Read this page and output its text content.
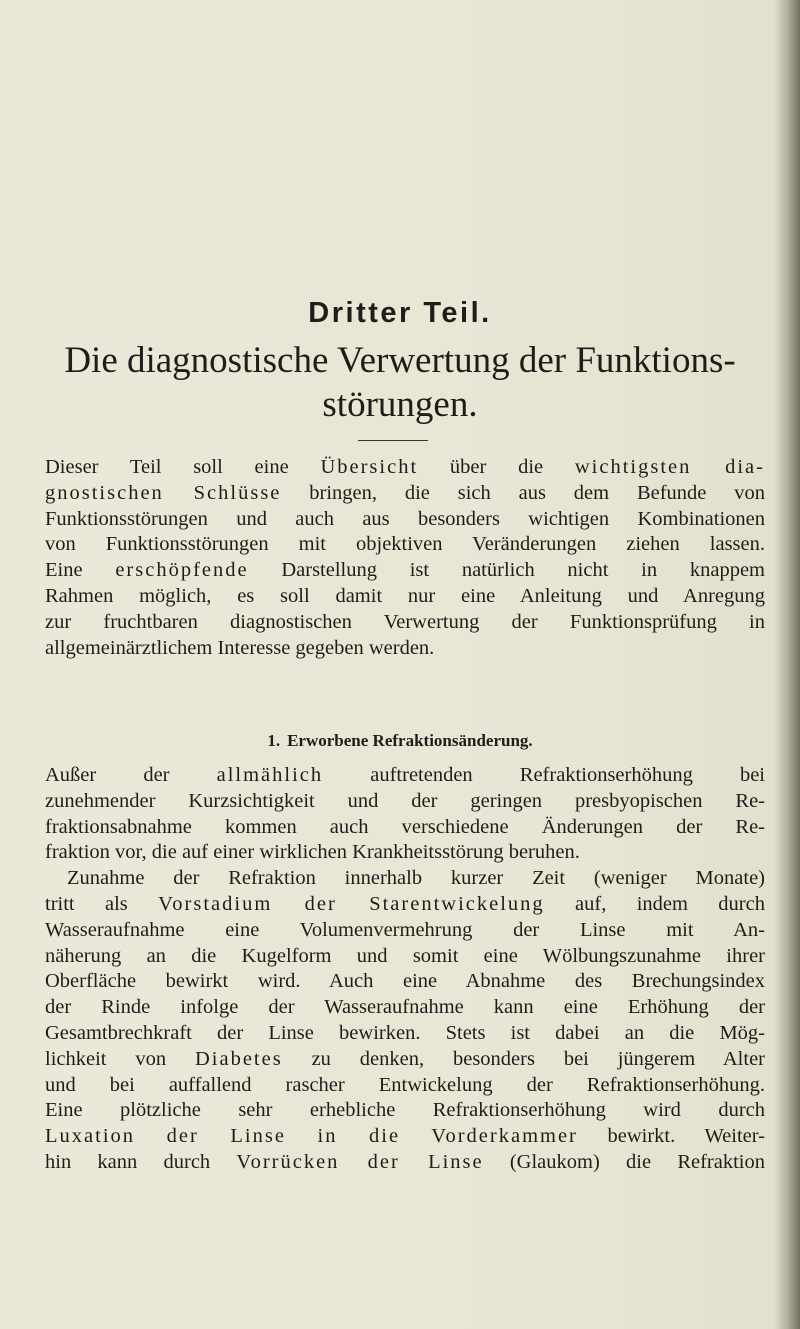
Dritter Teil.
Die diagnostische Verwertung der Funktions-
störungen.
Dieser Teil soll eine Übersicht über die wichtigsten dia-
gnostischen Schlüsse bringen, die sich aus dem Befunde von
Funktionsstörungen und auch aus besonders wichtigen Kombinationen
von Funktionsstörungen mit objektiven Veränderungen ziehen lassen.
Eine erschöpfende Darstellung ist natürlich nicht in knappem
Rahmen möglich, es soll damit nur eine Anleitung und Anregung
zur fruchtbaren diagnostischen Verwertung der Funktionsprüfung in
allgemeinärztlichem Interesse gegeben werden.
1. Erworbene Refraktionsänderung.
Außer der allmählich auftretenden Refraktionserhöhung bei
zunehmender Kurzsichtigkeit und der geringen presbyopischen Re-
fraktionsabnahme kommen auch verschiedene Änderungen der Re-
fraktion vor, die auf einer wirklichen Krankheitsstörung beruhen.
Zunahme der Refraktion innerhalb kurzer Zeit (weniger Monate)
tritt als Vorstadium der Starentwickelung auf, indem durch
Wasseraufnahme eine Volumenvermehrung der Linse mit An-
näherung an die Kugelform und somit eine Wölbungszunahme ihrer
Oberfläche bewirkt wird. Auch eine Abnahme des Brechungsindex
der Rinde infolge der Wasseraufnahme kann eine Erhöhung der
Gesamtbrechkraft der Linse bewirken. Stets ist dabei an die Mög-
lichkeit von Diabetes zu denken, besonders bei jüngerem Alter
und bei auffallend rascher Entwickelung der Refraktionserhöhung.
Eine plötzliche sehr erhebliche Refraktionserhöhung wird durch
Luxation der Linse in die Vorderkammer bewirkt. Weiter-
hin kann durch Vorrücken der Linse (Glaukom) die Refraktion
